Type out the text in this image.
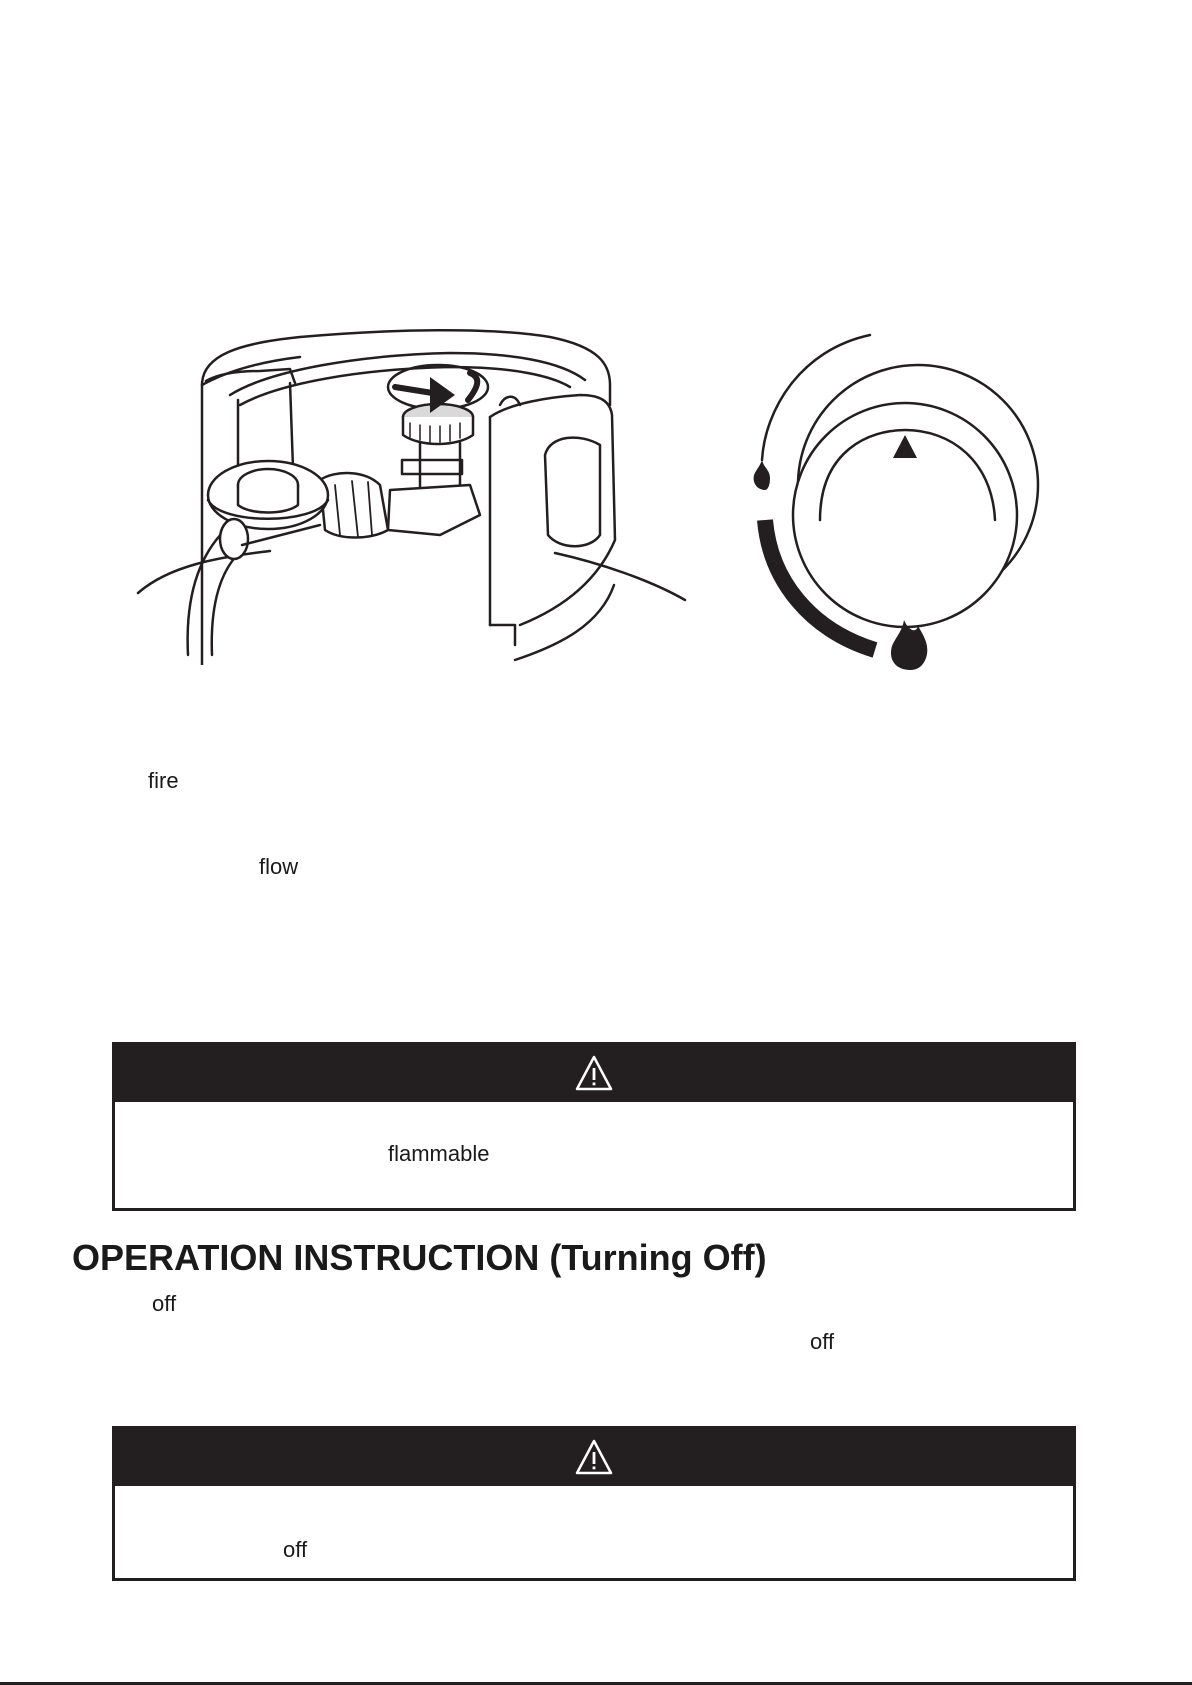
fire
flow
flammable
OPERATION INSTRUCTION (Turning Off)
off
off
off
